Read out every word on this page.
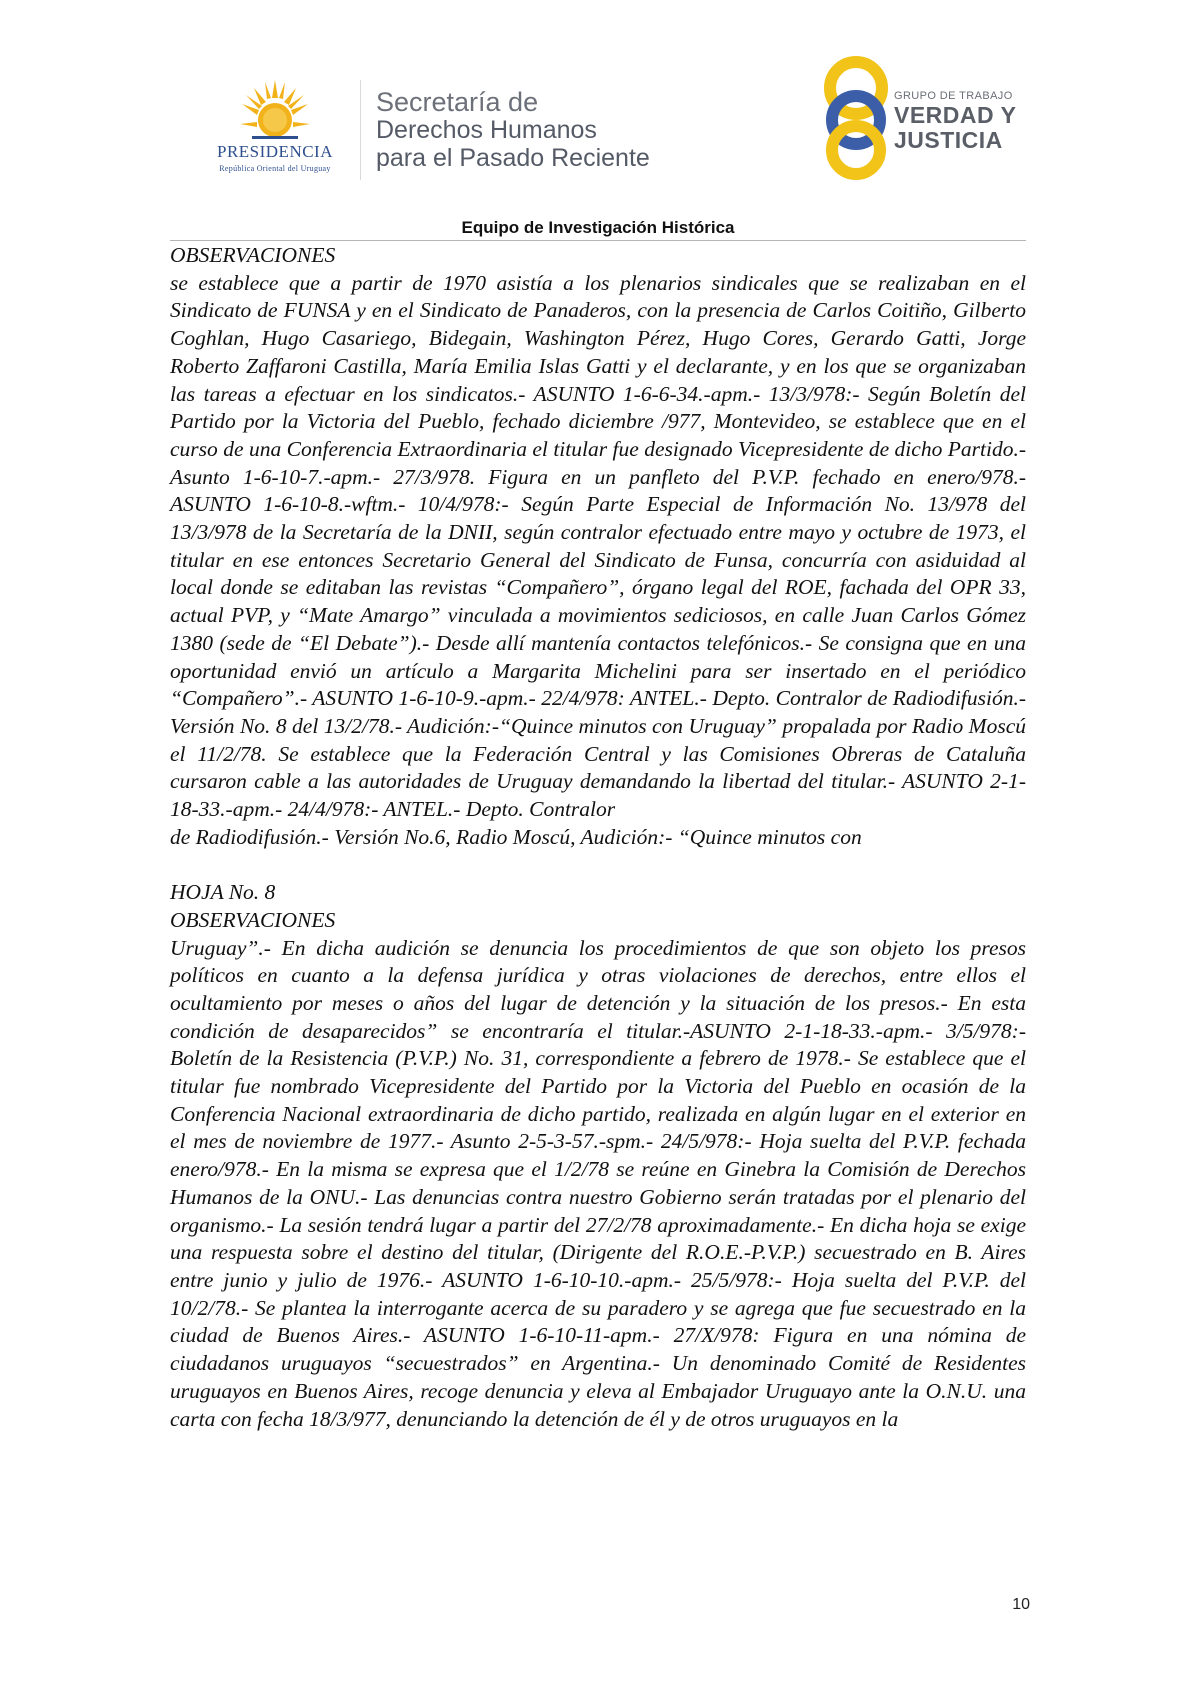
PRESIDENCIA
República Oriental del Uruguay
Secretaría de
Derechos Humanos
para el Pasado Reciente
GRUPO DE TRABAJO
VERDAD Y
JUSTICIA
Equipo de Investigación Histórica

OBSERVACIONES

se establece que a partir de 1970 asistía a los plenarios sindicales que se realizaban en el Sindicato de FUNSA y en el Sindicato de Panaderos, con la presencia de Carlos Coitiño, Gilberto Coghlan, Hugo Casariego, Bidegain, Washington Pérez, Hugo Cores, Gerardo Gatti, Jorge Roberto Zaffaroni Castilla, María Emilia Islas Gatti y el declarante, y en los que se organizaban las tareas a efectuar en los sindicatos.- ASUNTO 1-6-6-34.-apm.- 13/3/978:- Según Boletín del Partido por la Victoria del Pueblo, fechado diciembre /977, Montevideo, se establece que en el curso de una Conferencia Extraordinaria el titular fue designado Vicepresidente de dicho Partido.- Asunto 1-6-10-7.-apm.- 27/3/978. Figura en un panfleto del P.V.P. fechado en enero/978.- ASUNTO 1-6-10-8.-wftm.- 10/4/978:- Según Parte Especial de Información No. 13/978 del 13/3/978 de la Secretaría de la DNII, según contralor efectuado entre mayo y octubre de 1973, el titular en ese entonces Secretario General del Sindicato de Funsa, concurría con asiduidad al local donde se editaban las revistas “Compañero”, órgano legal del ROE, fachada del OPR 33, actual PVP, y “Mate Amargo” vinculada a movimientos sediciosos, en calle Juan Carlos Gómez 1380 (sede de “El Debate”).- Desde allí mantenía contactos telefónicos.- Se consigna que en una oportunidad envió un artículo a Margarita Michelini para ser insertado en el periódico “Compañero”.- ASUNTO 1-6-10-9.-apm.- 22/4/978: ANTEL.- Depto. Contralor de Radiodifusión.- Versión No. 8 del 13/2/78.- Audición:-“Quince minutos con Uruguay” propalada por Radio Moscú el 11/2/78. Se establece que la Federación Central y las Comisiones Obreras de Cataluña cursaron cable a las autoridades de Uruguay demandando la libertad del titular.- ASUNTO 2-1-18-33.-apm.- 24/4/978:- ANTEL.- Depto. Contralor

de Radiodifusión.- Versión No.6, Radio Moscú, Audición:- “Quince minutos con

HOJA No. 8

OBSERVACIONES

Uruguay”.- En dicha audición se denuncia los procedimientos de que son objeto los presos políticos en cuanto a la defensa jurídica y otras violaciones de derechos, entre ellos el ocultamiento por meses o años del lugar de detención y la situación de los presos.- En esta condición de desaparecidos” se encontraría el titular.-ASUNTO 2-1-18-33.-apm.- 3/5/978:- Boletín de la Resistencia (P.V.P.) No. 31, correspondiente a febrero de 1978.- Se establece que el titular fue nombrado Vicepresidente del Partido por la Victoria del Pueblo en ocasión de la Conferencia Nacional extraordinaria de dicho partido, realizada en algún lugar en el exterior en el mes de noviembre de 1977.- Asunto 2-5-3-57.-spm.- 24/5/978:- Hoja suelta del P.V.P. fechada enero/978.- En la misma se expresa que el 1/2/78 se reúne en Ginebra la Comisión de Derechos Humanos de la ONU.- Las denuncias contra nuestro Gobierno serán tratadas por el plenario del organismo.- La sesión tendrá lugar a partir del 27/2/78 aproximadamente.- En dicha hoja se exige una respuesta sobre el destino del titular, (Dirigente del R.O.E.-P.V.P.) secuestrado en B. Aires entre junio y julio de 1976.- ASUNTO 1-6-10-10.-apm.- 25/5/978:- Hoja suelta del P.V.P. del 10/2/78.- Se plantea la interrogante acerca de su paradero y se agrega que fue secuestrado en la ciudad de Buenos Aires.- ASUNTO 1-6-10-11-apm.- 27/X/978: Figura en una nómina de ciudadanos uruguayos “secuestrados” en Argentina.- Un denominado Comité de Residentes uruguayos en Buenos Aires, recoge denuncia y eleva al Embajador Uruguayo ante la O.N.U. una carta con fecha 18/3/977, denunciando la detención de él y de otros uruguayos en la

10
